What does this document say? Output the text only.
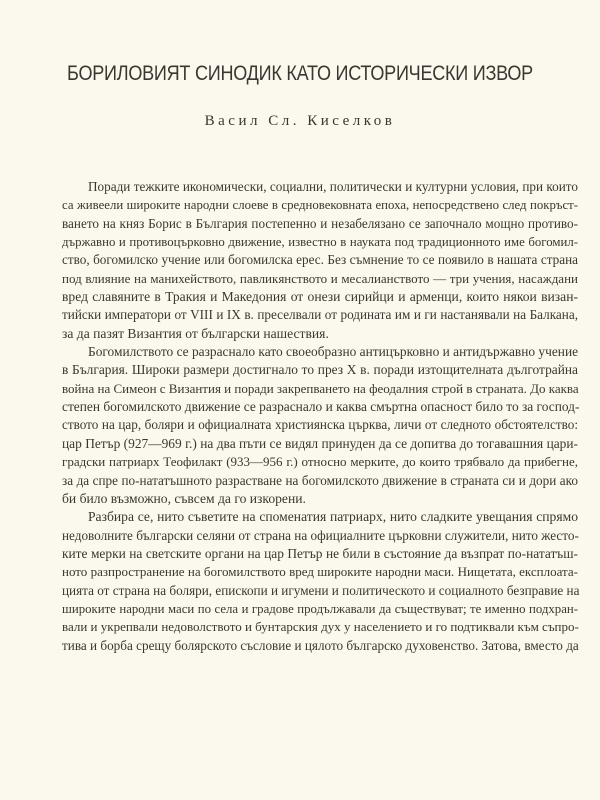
БОРИЛОВИЯТ СИНОДИК КАТО ИСТОРИЧЕСКИ ИЗВОР
Васил Сл. Киселков
Поради тежките икономически, социални, политически и културни условия, при които
са живеели широките народни слоеве в средновековната епоха, непосредствено след покръст-
ването на княз Борис в България постепенно и незабелязано се започнало мощно противо-
държавно и противоцърковно движение, известно в науката под традиционното име богомил-
ство, богомилско учение или богомилска ерес. Без съмнение то се появило в нашата страна
под влияние на манихейството, павликянството и месалианството — три учения, насаждани
вред славяните в Тракия и Македония от онези сирийци и арменци, които някои визан-
тийски императори от VIII и IX в. преселвали от родината им и ги настанявали на Балкана,
за да пазят Византия от български нашествия.
Богомилството се разраснало като своеобразно антицърковно и антидържавно учение
в България. Широки размери достигнало то през X в. поради изтощителната дълготрайна
война на Симеон с Византия и поради закрепването на феодалния строй в страната. До каква
степен богомилското движение се разраснало и каква смъртна опасност било то за господ-
ството на цар, боляри и официалната християнска църква, личи от следното обстоятелство:
цар Петър (927—969 г.) на два пъти се видял принуден да се допитва до тогавашния цари-
градски патриарх Теофилакт (933—956 г.) относно мерките, до които трябвало да прибегне,
за да спре по-нататъшното разрастване на богомилското движение в страната си и дори ако
би било възможно, съвсем да го изкорени.
Разбира се, нито съветите на споменатия патриарх, нито сладките увещания спрямо
недоволните български селяни от страна на официалните църковни служители, нито жесто-
ките мерки на светските органи на цар Петър не били в състояние да възпрат по-нататъш-
ното разпространение на богомилството вред широките народни маси. Нищетата, експлоата-
цията от страна на боляри, епископи и игумени и политическото и социалното безправие на
широките народни маси по села и градове продължавали да съществуват; те именно подхран-
вали и укрепвали недоволството и бунтарския дух у населението и го подтиквали към съпро-
тива и борба срещу болярското съсловие и цялото българско духовенство. Затова, вместо да
